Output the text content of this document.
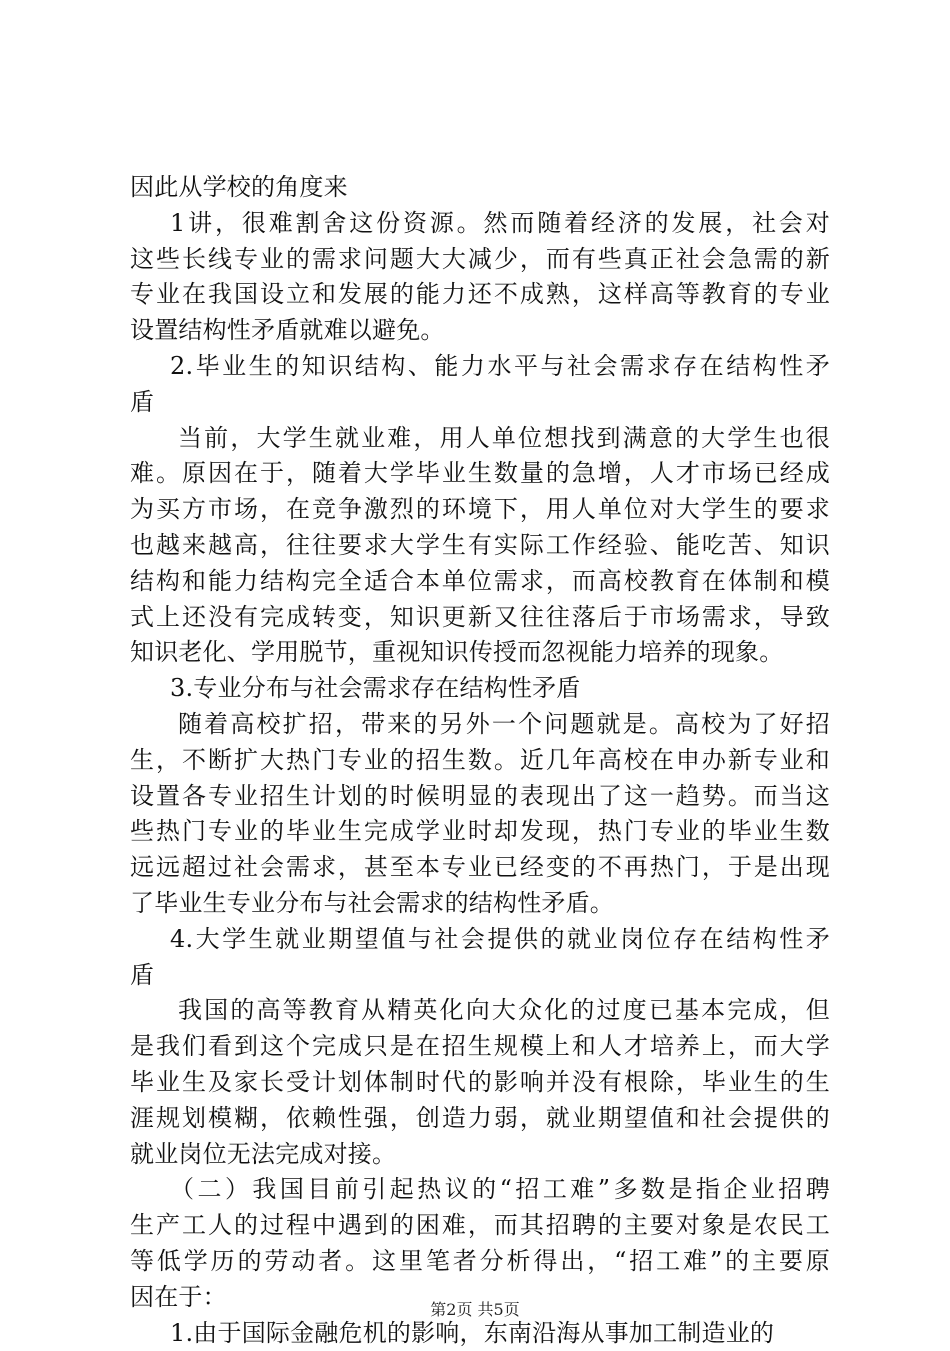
因此从学校的角度来
1讲，很难割舍这份资源。然而随着经济的发展，社会对
这些长线专业的需求问题大大减少，而有些真正社会急需的新
专业在我国设立和发展的能力还不成熟，这样高等教育的专业
设置结构性矛盾就难以避免。
2.毕业生的知识结构、能力水平与社会需求存在结构性矛
盾
当前，大学生就业难，用人单位想找到满意的大学生也很
难。原因在于，随着大学毕业生数量的急增，人才市场已经成
为买方市场，在竞争激烈的环境下，用人单位对大学生的要求
也越来越高，往往要求大学生有实际工作经验、能吃苦、知识
结构和能力结构完全适合本单位需求，而高校教育在体制和模
式上还没有完成转变，知识更新又往往落后于市场需求，导致
知识老化、学用脱节，重视知识传授而忽视能力培养的现象。
3.专业分布与社会需求存在结构性矛盾
随着高校扩招，带来的另外一个问题就是。高校为了好招
生，不断扩大热门专业的招生数。近几年高校在申办新专业和
设置各专业招生计划的时候明显的表现出了这一趋势。而当这
些热门专业的毕业生完成学业时却发现，热门专业的毕业生数
远远超过社会需求，甚至本专业已经变的不再热门，于是出现
了毕业生专业分布与社会需求的结构性矛盾。
4.大学生就业期望值与社会提供的就业岗位存在结构性矛
盾
我国的高等教育从精英化向大众化的过度已基本完成，但
是我们看到这个完成只是在招生规模上和人才培养上，而大学
毕业生及家长受计划体制时代的影响并没有根除，毕业生的生
涯规划模糊，依赖性强，创造力弱，就业期望值和社会提供的
就业岗位无法完成对接。
（二）我国目前引起热议的“招工难”多数是指企业招聘
生产工人的过程中遇到的困难，而其招聘的主要对象是农民工
等低学历的劳动者。这里笔者分析得出，“招工难”的主要原
因在于：
1.由于国际金融危机的影响，东南沿海从事加工制造业的
第2页 共5页
